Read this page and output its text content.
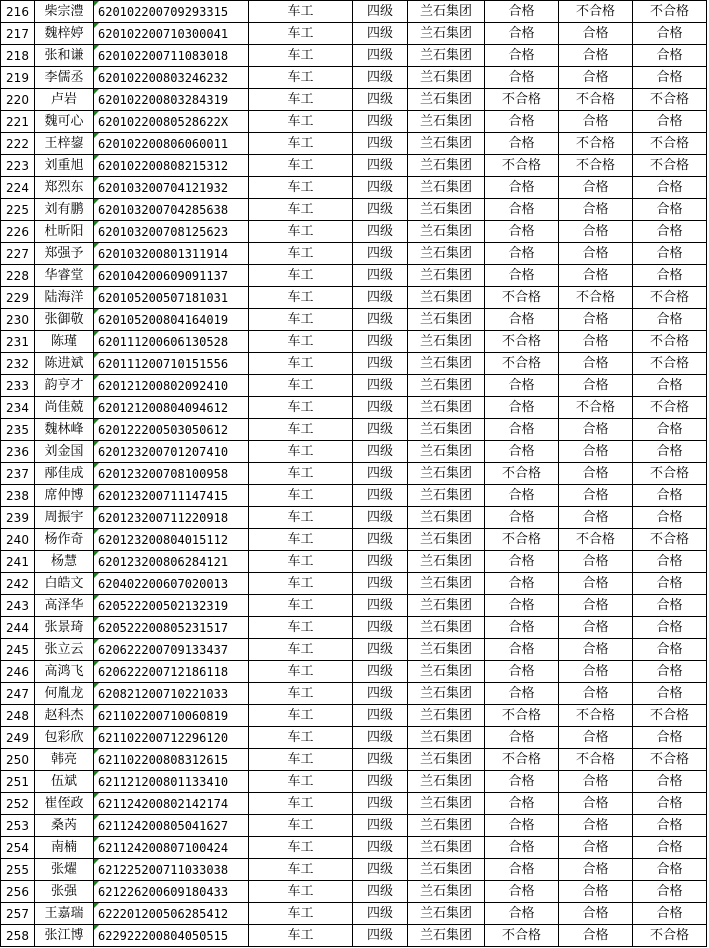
216	柴宗澧	620102200709293315	车工	四级	兰石集团	合格	不合格	不合格
217	魏梓婷	620102200710300041	车工	四级	兰石集团	合格	合格	合格
218	张和谦	620102200711083018	车工	四级	兰石集团	合格	合格	合格
219	李儒丞	620102200803246232	车工	四级	兰石集团	合格	合格	合格
220	卢岩	620102200803284319	车工	四级	兰石集团	不合格	不合格	不合格
221	魏可心	62010220080528622X	车工	四级	兰石集团	合格	合格	合格
222	王梓鋆	620102200806060011	车工	四级	兰石集团	合格	不合格	不合格
223	刘重旭	620102200808215312	车工	四级	兰石集团	不合格	不合格	不合格
224	郑烈东	620103200704121932	车工	四级	兰石集团	合格	合格	合格
225	刘有鹏	620103200704285638	车工	四级	兰石集团	合格	合格	合格
226	杜昕阳	620103200708125623	车工	四级	兰石集团	合格	合格	合格
227	郑强予	620103200801311914	车工	四级	兰石集团	合格	合格	合格
228	华睿堂	620104200609091137	车工	四级	兰石集团	合格	合格	合格
229	陆海洋	620105200507181031	车工	四级	兰石集团	不合格	不合格	不合格
230	张御敬	620105200804164019	车工	四级	兰石集团	合格	合格	合格
231	陈瑾	620111200606130528	车工	四级	兰石集团	不合格	合格	不合格
232	陈进斌	620111200710151556	车工	四级	兰石集团	不合格	合格	不合格
233	韵亨才	620121200802092410	车工	四级	兰石集团	合格	合格	合格
234	尚佳兢	620121200804094612	车工	四级	兰石集团	合格	不合格	不合格
235	魏林峰	620122200503050612	车工	四级	兰石集团	合格	合格	合格
236	刘金国	620123200701207410	车工	四级	兰石集团	合格	合格	合格
237	邴佳成	620123200708100958	车工	四级	兰石集团	不合格	合格	不合格
238	席仲博	620123200711147415	车工	四级	兰石集团	合格	合格	合格
239	周振宇	620123200711220918	车工	四级	兰石集团	合格	合格	合格
240	杨作奇	620123200804015112	车工	四级	兰石集团	不合格	不合格	不合格
241	杨慧	620123200806284121	车工	四级	兰石集团	合格	合格	合格
242	白皓文	620402200607020013	车工	四级	兰石集团	合格	合格	合格
243	高泽华	620522200502132319	车工	四级	兰石集团	合格	合格	合格
244	张景琦	620522200805231517	车工	四级	兰石集团	合格	合格	合格
245	张立云	620622200709133437	车工	四级	兰石集团	合格	合格	合格
246	高鸿飞	620622200712186118	车工	四级	兰石集团	合格	合格	合格
247	何胤龙	620821200710221033	车工	四级	兰石集团	合格	合格	合格
248	赵科杰	621102200710060819	车工	四级	兰石集团	不合格	不合格	不合格
249	包彩欣	621102200712296120	车工	四级	兰石集团	合格	合格	合格
250	韩亮	621102200808312615	车工	四级	兰石集团	不合格	不合格	不合格
251	伍斌	621121200801133410	车工	四级	兰石集团	合格	合格	合格
252	崔侄政	621124200802142174	车工	四级	兰石集团	合格	合格	合格
253	桑芮	621124200805041627	车工	四级	兰石集团	合格	合格	合格
254	南楠	621124200807100424	车工	四级	兰石集团	合格	合格	合格
255	张燿	621225200711033038	车工	四级	兰石集团	合格	合格	合格
256	张强	621226200609180433	车工	四级	兰石集团	合格	合格	合格
257	王嘉瑞	622201200506285412	车工	四级	兰石集团	合格	合格	合格
258	张江博	622922200804050515	车工	四级	兰石集团	不合格	合格	不合格
